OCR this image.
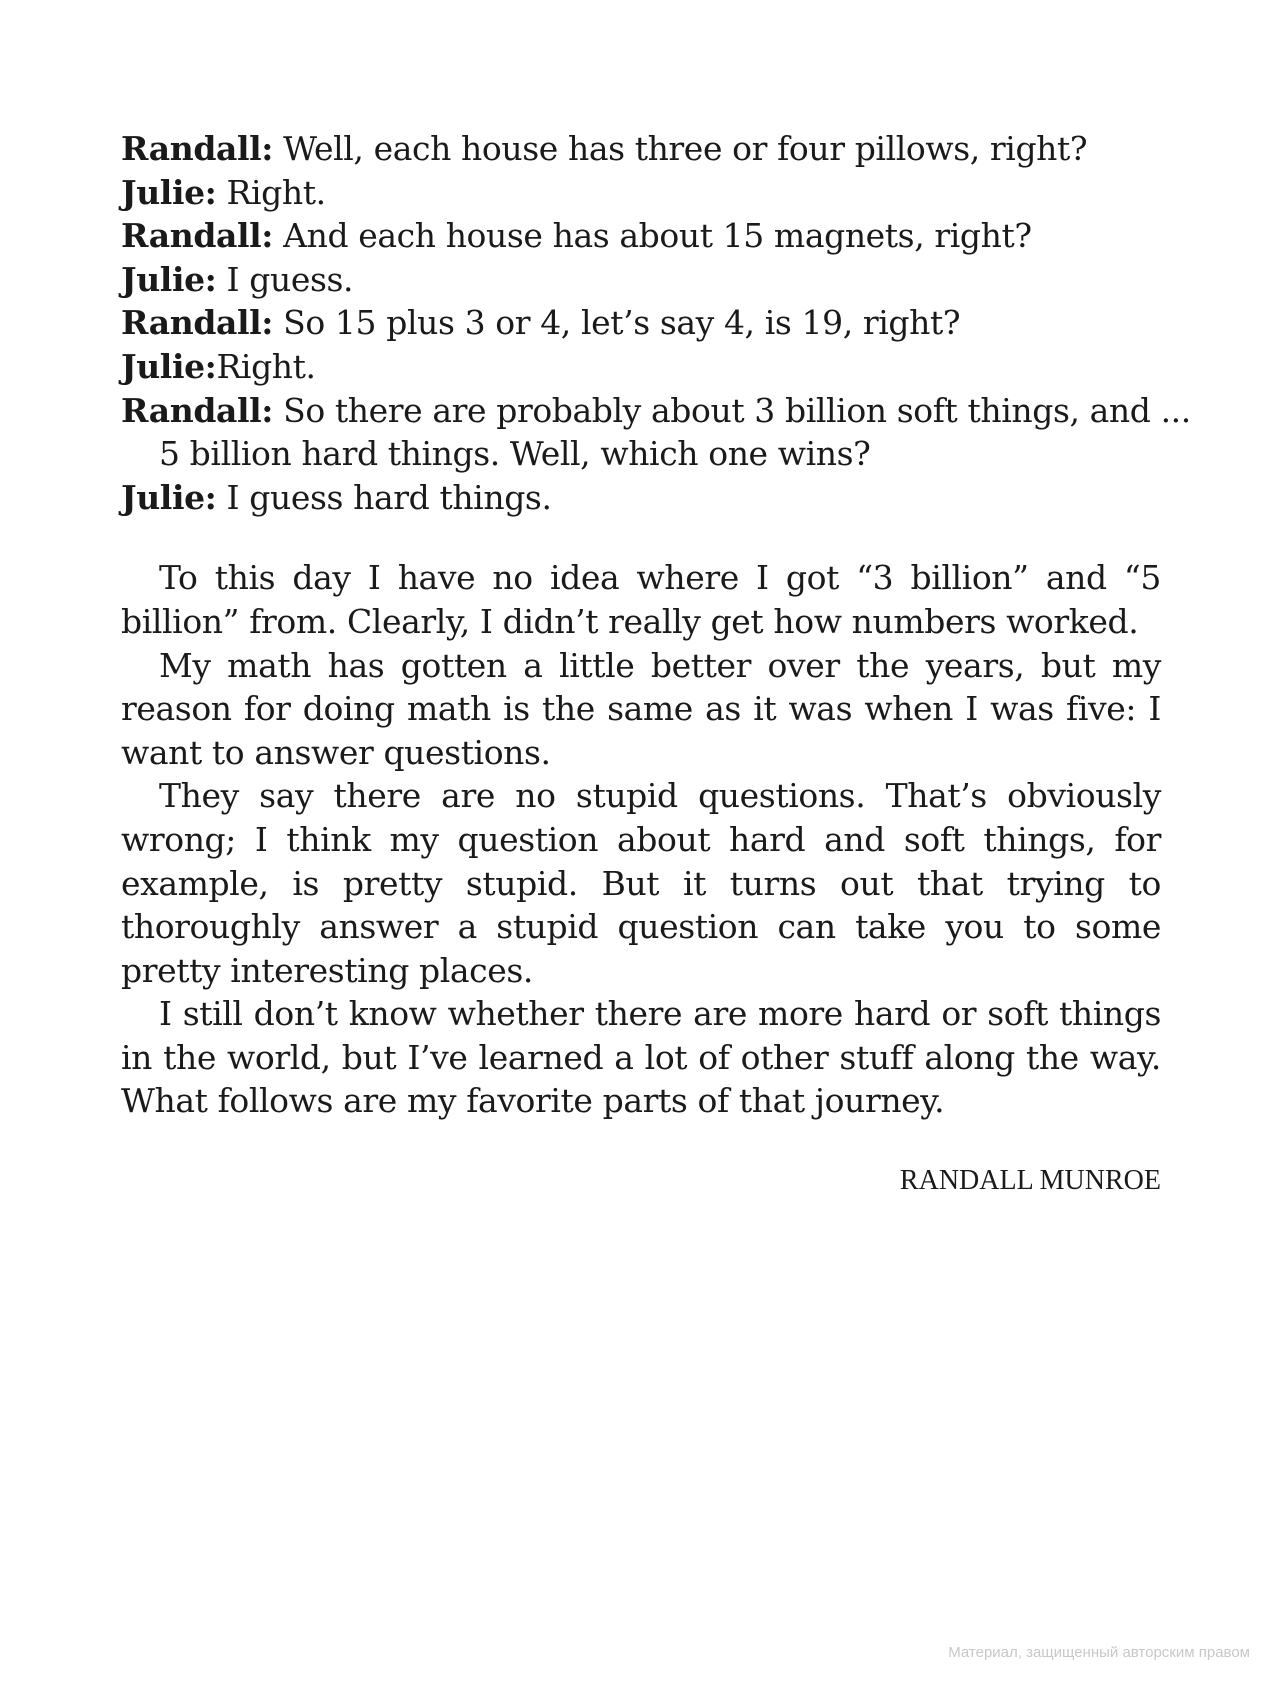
Randall: Well, each house has three or four pillows, right?

Julie: Right.

Randall: And each house has about 15 magnets, right?

Julie: I guess.

Randall: So 15 plus 3 or 4, let’s say 4, is 19, right?

Julie:Right.

Randall: So there are probably about 3 billion soft things, and ...

5 billion hard things. Well, which one wins?

Julie: I guess hard things.

To this day I have no idea where I got “3 billion” and “5 billion” from. Clearly, I didn’t really get how numbers worked.

My math has gotten a little better over the years, but my reason for doing math is the same as it was when I was five: I want to answer questions.

They say there are no stupid questions. That’s obviously wrong; I think my question about hard and soft things, for example, is pretty stupid. But it turns out that trying to thoroughly answer a stupid question can take you to some pretty interesting places.

I still don’t know whether there are more hard or soft things in the world, but I’ve learned a lot of other stuff along the way. What follows are my favorite parts of that journey.

RANDALL MUNROE
Материал, защищенный авторским правом
